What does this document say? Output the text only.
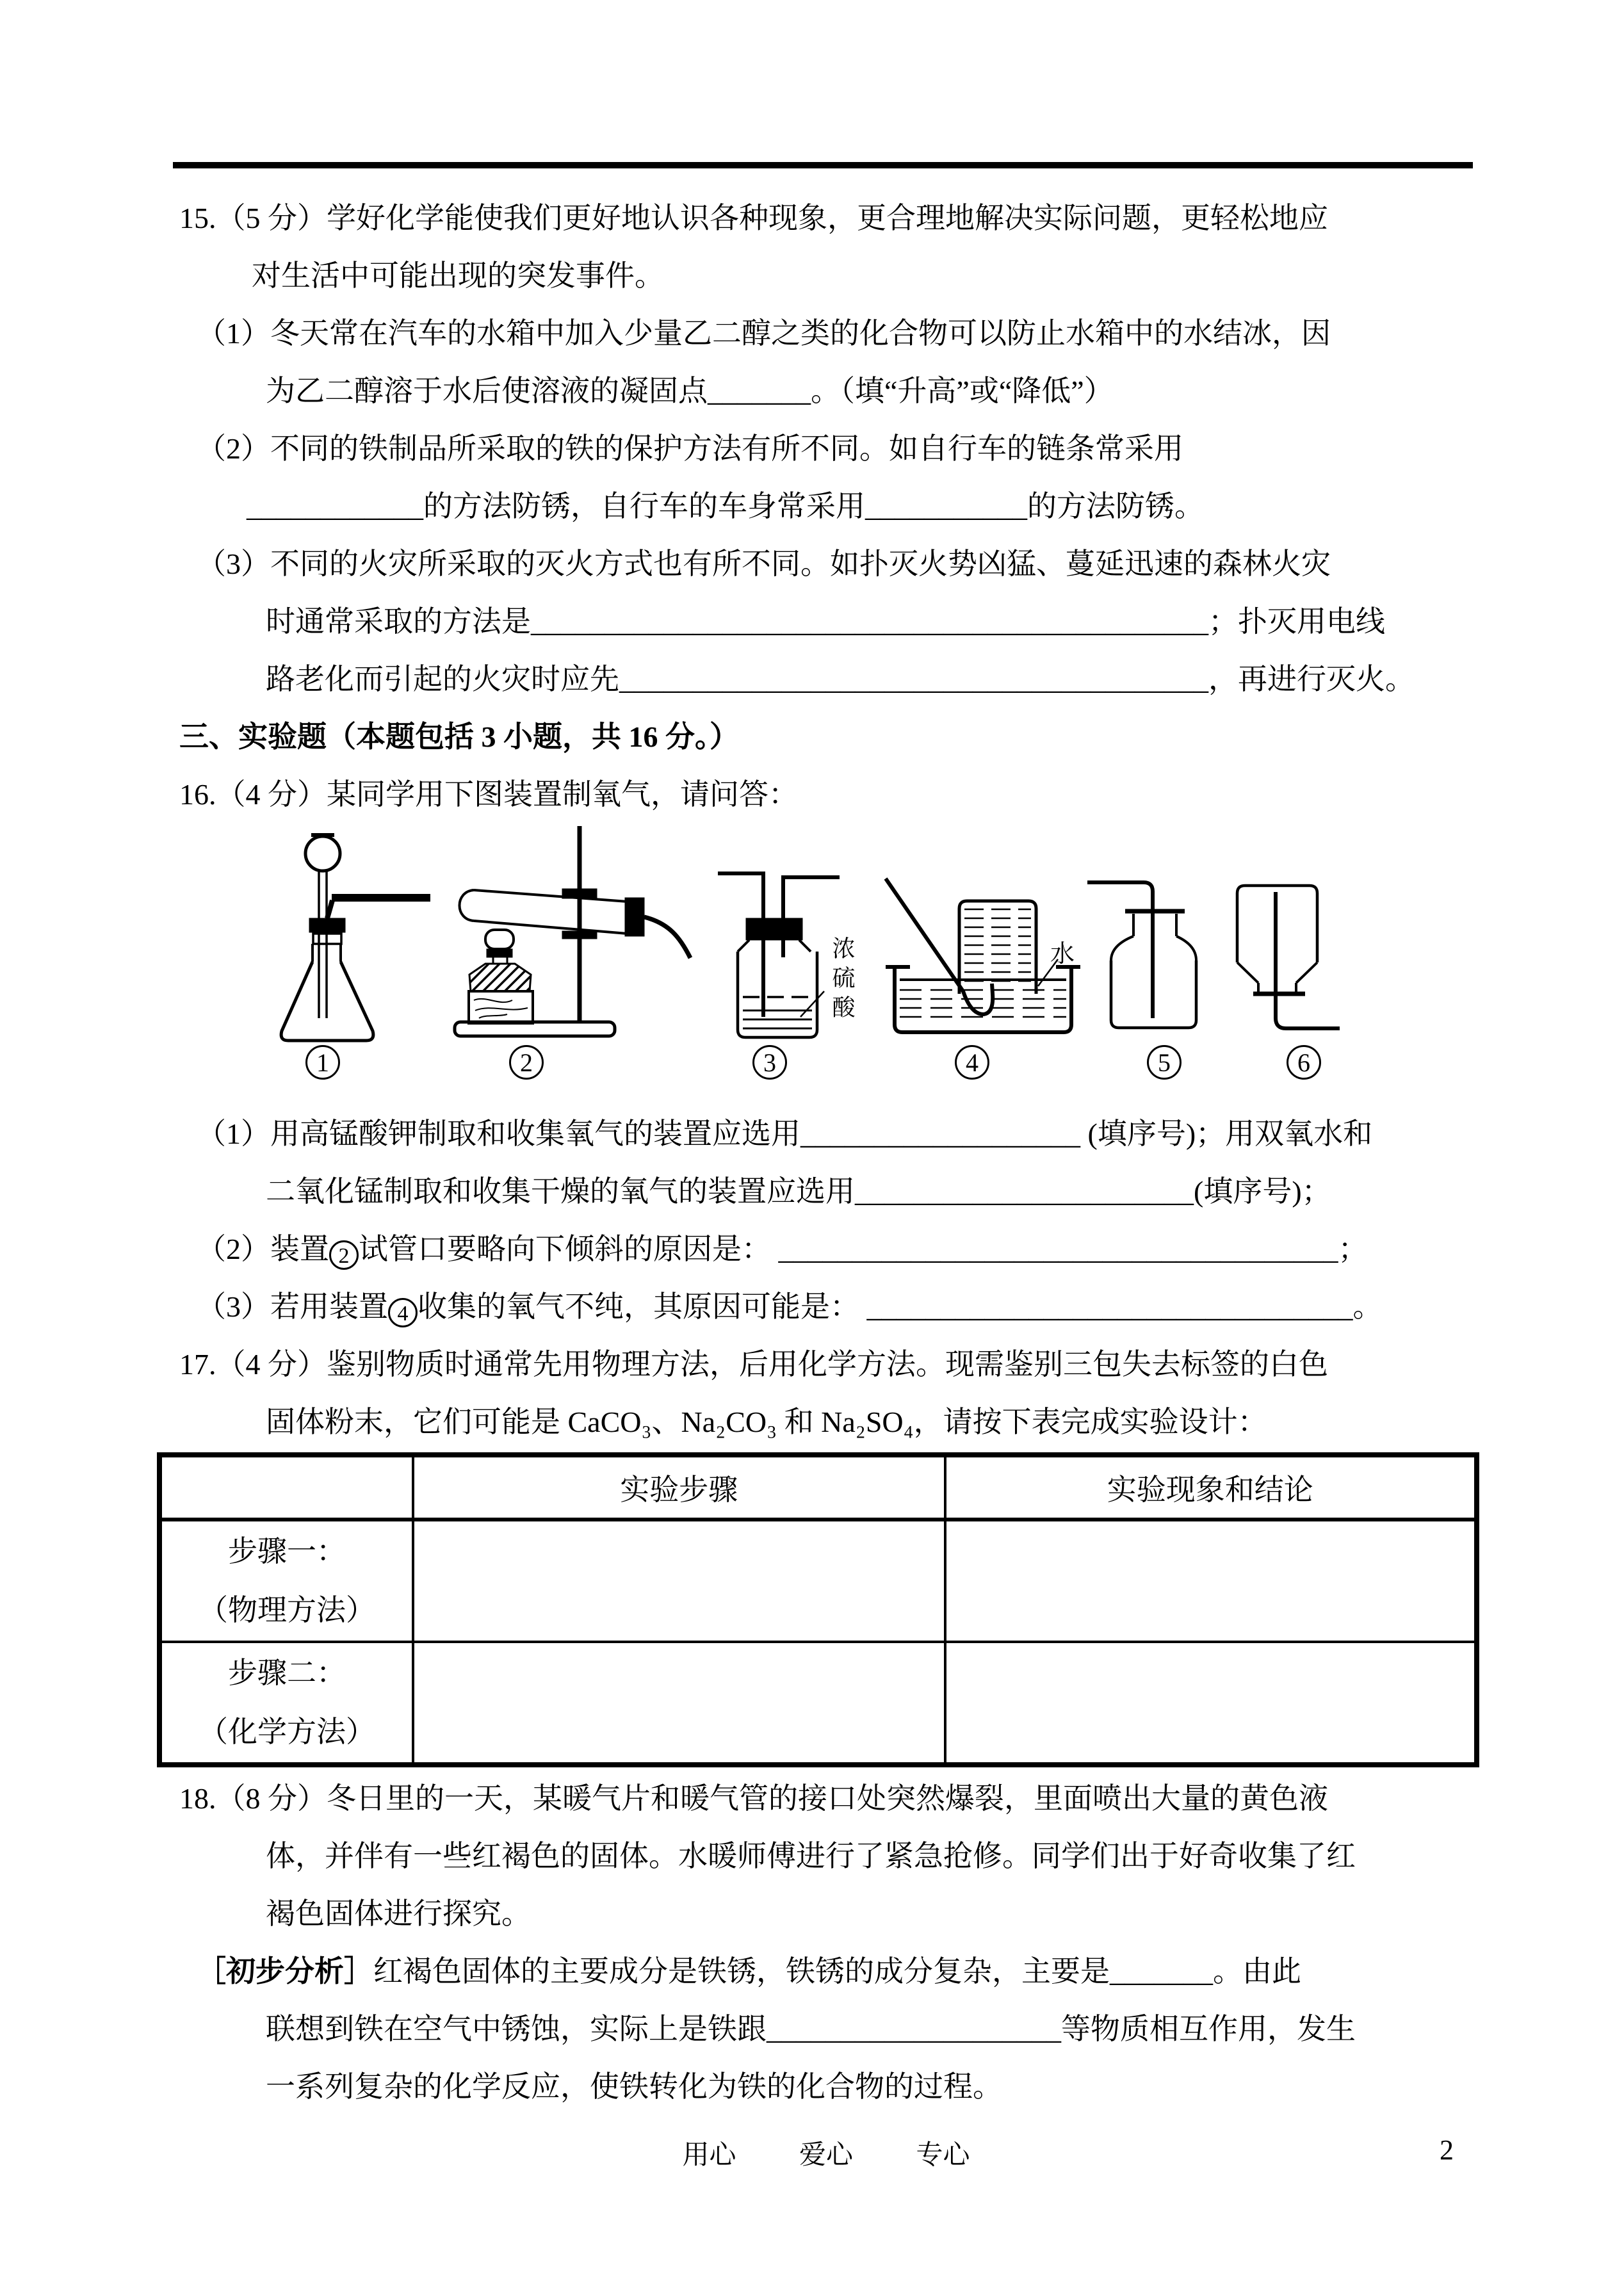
15.（5 分）学好化学能使我们更好地认识各种现象，更合理地解决实际问题，更轻松地应
对生活中可能出现的突发事件。
（1）冬天常在汽车的水箱中加入少量乙二醇之类的化合物可以防止水箱中的水结冰，因
为乙二醇溶于水后使溶液的凝固点_______。（填“升高”或“降低”）
（2）不同的铁制品所采取的铁的保护方法有所不同。如自行车的链条常采用
____________的方法防锈，自行车的车身常采用___________的方法防锈。
（3）不同的火灾所采取的灭火方式也有所不同。如扑灭火势凶猛、蔓延迅速的森林火灾
时通常采取的方法是______________________________________________；扑灭用电线
路老化而引起的火灾时应先________________________________________，再进行灭火。
三、实验题（本题包括 3 小题，共 16 分。）
16.（4 分）某同学用下图装置制氧气，请问答：
浓硫酸	水
1	2	3	4	5	6
（1）用高锰酸钾制取和收集氧气的装置应选用___________________ (填序号)；用双氧水和
二氧化锰制取和收集干燥的氧气的装置应选用_______________________(填序号)；
（2）装置 2 试管口要略向下倾斜的原因是： ______________________________________；
（3）若用装置 4 收集的氧气不纯，其原因可能是： _________________________________。
17.（4 分）鉴别物质时通常先用物理方法，后用化学方法。现需鉴别三包失去标签的白色
固体粉末，它们可能是 CaCO₃、Na₂CO₃ 和 Na₂SO₄，请按下表完成实验设计：
	实验步骤	实验现象和结论

步骤一：
（物理方法）		

步骤二：
（化学方法）		

18.（8 分）冬日里的一天，某暖气片和暖气管的接口处突然爆裂，里面喷出大量的黄色液
体，并伴有一些红褐色的固体。水暖师傅进行了紧急抢修。同学们出于好奇收集了红
褐色固体进行探究。
［初步分析］红褐色固体的主要成分是铁锈，铁锈的成分复杂，主要是_______。由此
联想到铁在空气中锈蚀，实际上是铁跟____________________等物质相互作用，发生
一系列复杂的化学反应，使铁转化为铁的化合物的过程。
用心 爱心 专心	2
